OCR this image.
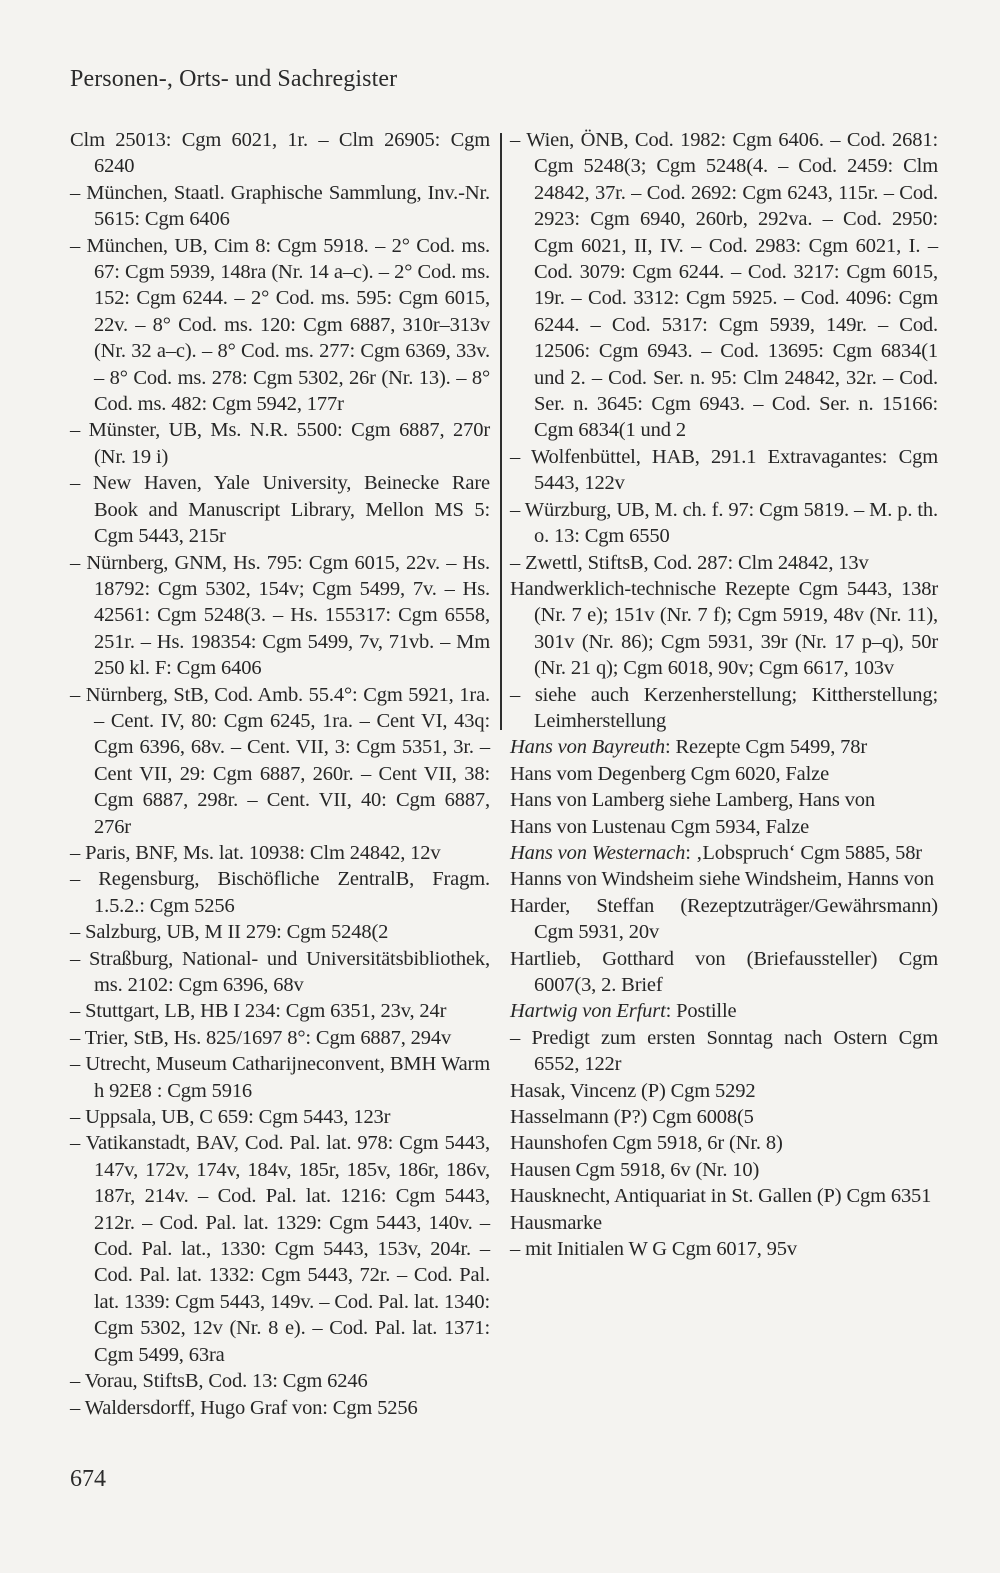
Personen-, Orts- und Sachregister
Clm 25013: Cgm 6021, 1r. – Clm 26905: Cgm 6240
– München, Staatl. Graphische Sammlung, Inv.-Nr. 5615: Cgm 6406
– München, UB, Cim 8: Cgm 5918. – 2° Cod. ms. 67: Cgm 5939, 148ra (Nr. 14 a–c). – 2° Cod. ms. 152: Cgm 6244. – 2° Cod. ms. 595: Cgm 6015, 22v. – 8° Cod. ms. 120: Cgm 6887, 310r–313v (Nr. 32 a–c). – 8° Cod. ms. 277: Cgm 6369, 33v. – 8° Cod. ms. 278: Cgm 5302, 26r (Nr. 13). – 8° Cod. ms. 482: Cgm 5942, 177r
– Münster, UB, Ms. N.R. 5500: Cgm 6887, 270r (Nr. 19 i)
– New Haven, Yale University, Beinecke Rare Book and Manuscript Library, Mellon MS 5: Cgm 5443, 215r
– Nürnberg, GNM, Hs. 795: Cgm 6015, 22v. – Hs. 18792: Cgm 5302, 154v; Cgm 5499, 7v. – Hs. 42561: Cgm 5248(3. – Hs. 155317: Cgm 6558, 251r. – Hs. 198354: Cgm 5499, 7v, 71vb. – Mm 250 kl. F: Cgm 6406
– Nürnberg, StB, Cod. Amb. 55.4°: Cgm 5921, 1ra. – Cent. IV, 80: Cgm 6245, 1ra. – Cent VI, 43q: Cgm 6396, 68v. – Cent. VII, 3: Cgm 5351, 3r. – Cent VII, 29: Cgm 6887, 260r. – Cent VII, 38: Cgm 6887, 298r. – Cent. VII, 40: Cgm 6887, 276r
– Paris, BNF, Ms. lat. 10938: Clm 24842, 12v
– Regensburg, Bischöfliche ZentralB, Fragm. 1.5.2.: Cgm 5256
– Salzburg, UB, M II 279: Cgm 5248(2
– Straßburg, National- und Universitätsbibliothek, ms. 2102: Cgm 6396, 68v
– Stuttgart, LB, HB I 234: Cgm 6351, 23v, 24r
– Trier, StB, Hs. 825/1697 8°: Cgm 6887, 294v
– Utrecht, Museum Catharijneconvent, BMH Warm h 92E8 : Cgm 5916
– Uppsala, UB, C 659: Cgm 5443, 123r
– Vatikanstadt, BAV, Cod. Pal. lat. 978: Cgm 5443, 147v, 172v, 174v, 184v, 185r, 185v, 186r, 186v, 187r, 214v. – Cod. Pal. lat. 1216: Cgm 5443, 212r. – Cod. Pal. lat. 1329: Cgm 5443, 140v. – Cod. Pal. lat., 1330: Cgm 5443, 153v, 204r. – Cod. Pal. lat. 1332: Cgm 5443, 72r. – Cod. Pal. lat. 1339: Cgm 5443, 149v. – Cod. Pal. lat. 1340: Cgm 5302, 12v (Nr. 8 e). – Cod. Pal. lat. 1371: Cgm 5499, 63ra
– Vorau, StiftsB, Cod. 13: Cgm 6246
– Waldersdorff, Hugo Graf von: Cgm 5256
– Wien, ÖNB, Cod. 1982: Cgm 6406. – Cod. 2681: Cgm 5248(3; Cgm 5248(4. – Cod. 2459: Clm 24842, 37r. – Cod. 2692: Cgm 6243, 115r. – Cod. 2923: Cgm 6940, 260rb, 292va. – Cod. 2950: Cgm 6021, II, IV. – Cod. 2983: Cgm 6021, I. – Cod. 3079: Cgm 6244. – Cod. 3217: Cgm 6015, 19r. – Cod. 3312: Cgm 5925. – Cod. 4096: Cgm 6244. – Cod. 5317: Cgm 5939, 149r. – Cod. 12506: Cgm 6943. – Cod. 13695: Cgm 6834(1 und 2. – Cod. Ser. n. 95: Clm 24842, 32r. – Cod. Ser. n. 3645: Cgm 6943. – Cod. Ser. n. 15166: Cgm 6834(1 und 2
– Wolfenbüttel, HAB, 291.1 Extravagantes: Cgm 5443, 122v
– Würzburg, UB, M. ch. f. 97: Cgm 5819. – M. p. th. o. 13: Cgm 6550
– Zwettl, StiftsB, Cod. 287: Clm 24842, 13v
Handwerklich-technische Rezepte Cgm 5443, 138r (Nr. 7 e); 151v (Nr. 7 f); Cgm 5919, 48v (Nr. 11), 301v (Nr. 86); Cgm 5931, 39r (Nr. 17 p–q), 50r (Nr. 21 q); Cgm 6018, 90v; Cgm 6617, 103v
– siehe auch Kerzenherstellung; Kittherstellung; Leimherstellung
Hans von Bayreuth: Rezepte Cgm 5499, 78r
Hans vom Degenberg Cgm 6020, Falze
Hans von Lamberg siehe Lamberg, Hans von
Hans von Lustenau Cgm 5934, Falze
Hans von Westernach: ‚Lobspruch‘ Cgm 5885, 58r
Hanns von Windsheim siehe Windsheim, Hanns von
Harder, Steffan (Rezeptzuträger/Gewährsmann) Cgm 5931, 20v
Hartlieb, Gotthard von (Briefaussteller) Cgm 6007(3, 2. Brief
Hartwig von Erfurt: Postille
– Predigt zum ersten Sonntag nach Ostern Cgm 6552, 122r
Hasak, Vincenz (P) Cgm 5292
Hasselmann (P?) Cgm 6008(5
Haunshofen Cgm 5918, 6r (Nr. 8)
Hausen Cgm 5918, 6v (Nr. 10)
Hausknecht, Antiquariat in St. Gallen (P) Cgm 6351
Hausmarke
– mit Initialen W G Cgm 6017, 95v
674
